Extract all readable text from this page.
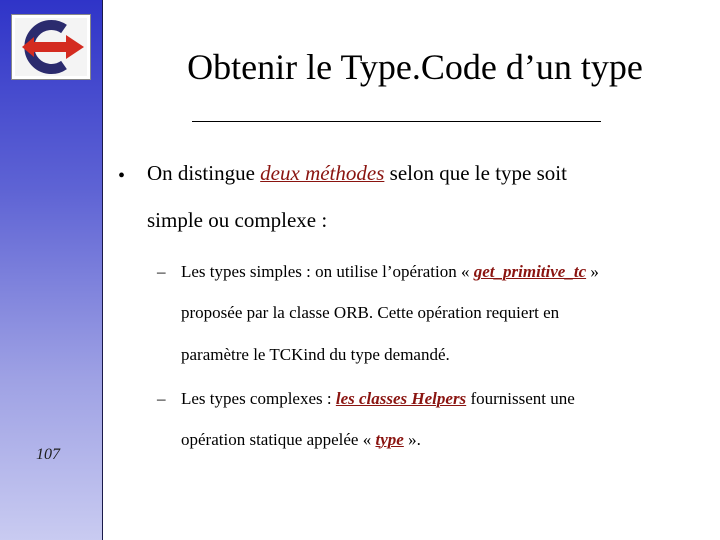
107
Obtenir le Type.Code d’un type
• On distingue deux méthodes selon que le type soit
simple ou complexe :
– Les types simples : on utilise l’opération « get_primitive_tc »
proposée par la classe ORB. Cette opération requiert en
paramètre le TCKind du type demandé.
– Les types complexes : les classes Helpers fournissent une
opération statique appelée « type ».
